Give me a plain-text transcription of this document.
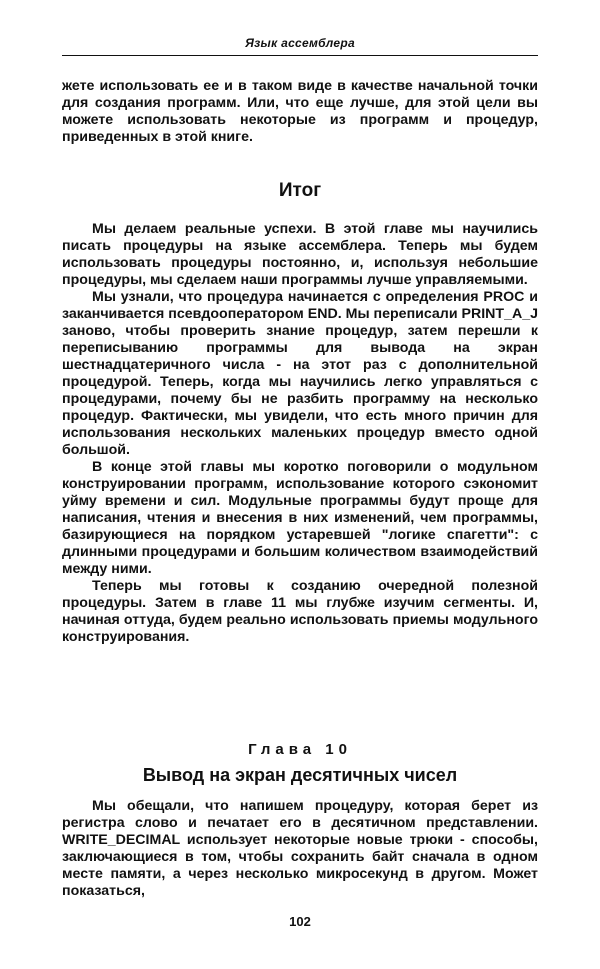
Язык ассемблера

жете использовать ее и в таком виде в качестве начальной точки для создания программ. Или, что еще лучше, для этой цели вы можете использовать некоторые из программ и процедур, приведенных в этой книге.

Итог

Мы делаем реальные успехи. В этой главе мы научились писать процедуры на языке ассемблера. Теперь мы будем использовать процедуры постоянно, и, используя небольшие процедуры, мы сделаем наши программы лучше управляемыми.

Мы узнали, что процедура начинается с определения PROC и заканчивается псевдооператором END. Мы переписали PRINT_A_J заново, чтобы проверить знание процедур, затем перешли к переписыванию программы для вывода на экран шестнадцатеричного числа - на этот раз с дополнительной процедурой. Теперь, когда мы научились легко управляться с процедурами, почему бы не разбить программу на несколько процедур. Фактически, мы увидели, что есть много причин для использования нескольких маленьких процедур вместо одной большой.

В конце этой главы мы коротко поговорили о модульном конструировании программ, использование которого сэкономит уйму времени и сил. Модульные программы будут проще для написания, чтения и внесения в них изменений, чем программы, базирующиеся на порядком устаревшей "логике спагетти": с длинными процедурами и большим количеством взаимодействий между ними.

Теперь мы готовы к созданию очередной полезной процедуры. Затем в главе 11 мы глубже изучим сегменты. И, начиная оттуда, будем реально использовать приемы модульного конструирования.

Глава 10
Вывод на экран десятичных чисел

Мы обещали, что напишем процедуру, которая берет из регистра слово и печатает его в десятичном представлении. WRITE_DECIMAL использует некоторые новые трюки - способы, заключающиеся в том, чтобы сохранить байт сначала в одном месте памяти, а через несколько микросекунд в другом. Может показаться,

102
